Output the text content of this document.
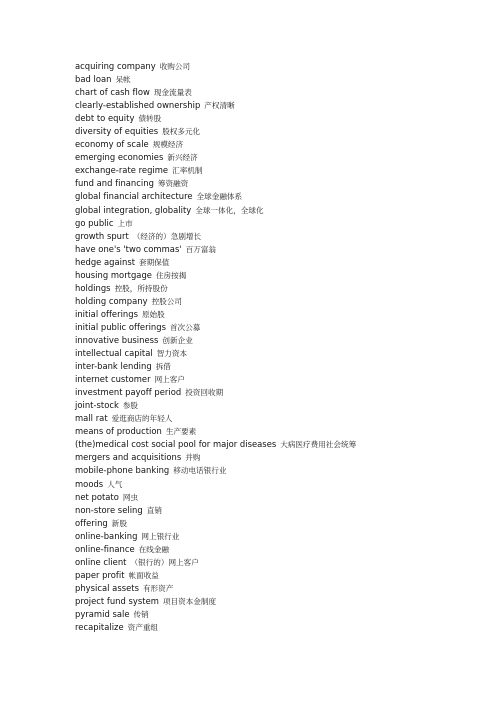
acquiring company 收购公司
bad loan 呆帐
chart of cash flow 现金流量表
clearly-established ownership 产权清晰
debt to equity 债转股
diversity of equities 股权多元化
economy of scale 规模经济
emerging economies 新兴经济
exchange-rate regime 汇率机制
fund and financing 筹资融资
global financial architecture 全球金融体系
global integration, globality 全球一体化，全球化
go public 上市
growth spurt （经济的）急剧增长
have one's 'two commas' 百万富翁
hedge against 套期保值
housing mortgage 住房按揭
holdings 控股，所持股份
holding company 控股公司
initial offerings 原始股
initial public offerings 首次公募
innovative business 创新企业
intellectual capital 智力资本
inter-bank lending 拆借
internet customer 网上客户
investment payoff period 投资回收期
joint-stock 参股
mall rat 爱逛商店的年轻人
means of production 生产要素
(the)medical cost social pool for major diseases 大病医疗费用社会统筹
mergers and acquisitions 并购
mobile-phone banking 移动电话银行业
moods 人气
net potato 网虫
non-store seling 直销
offering 新股
online-banking 网上银行业
online-finance 在线金融
online client （银行的）网上客户
paper profit 帐面收益
physical assets 有形资产
project fund system 项目资本金制度
pyramid sale 传销
recapitalize 资产重组
